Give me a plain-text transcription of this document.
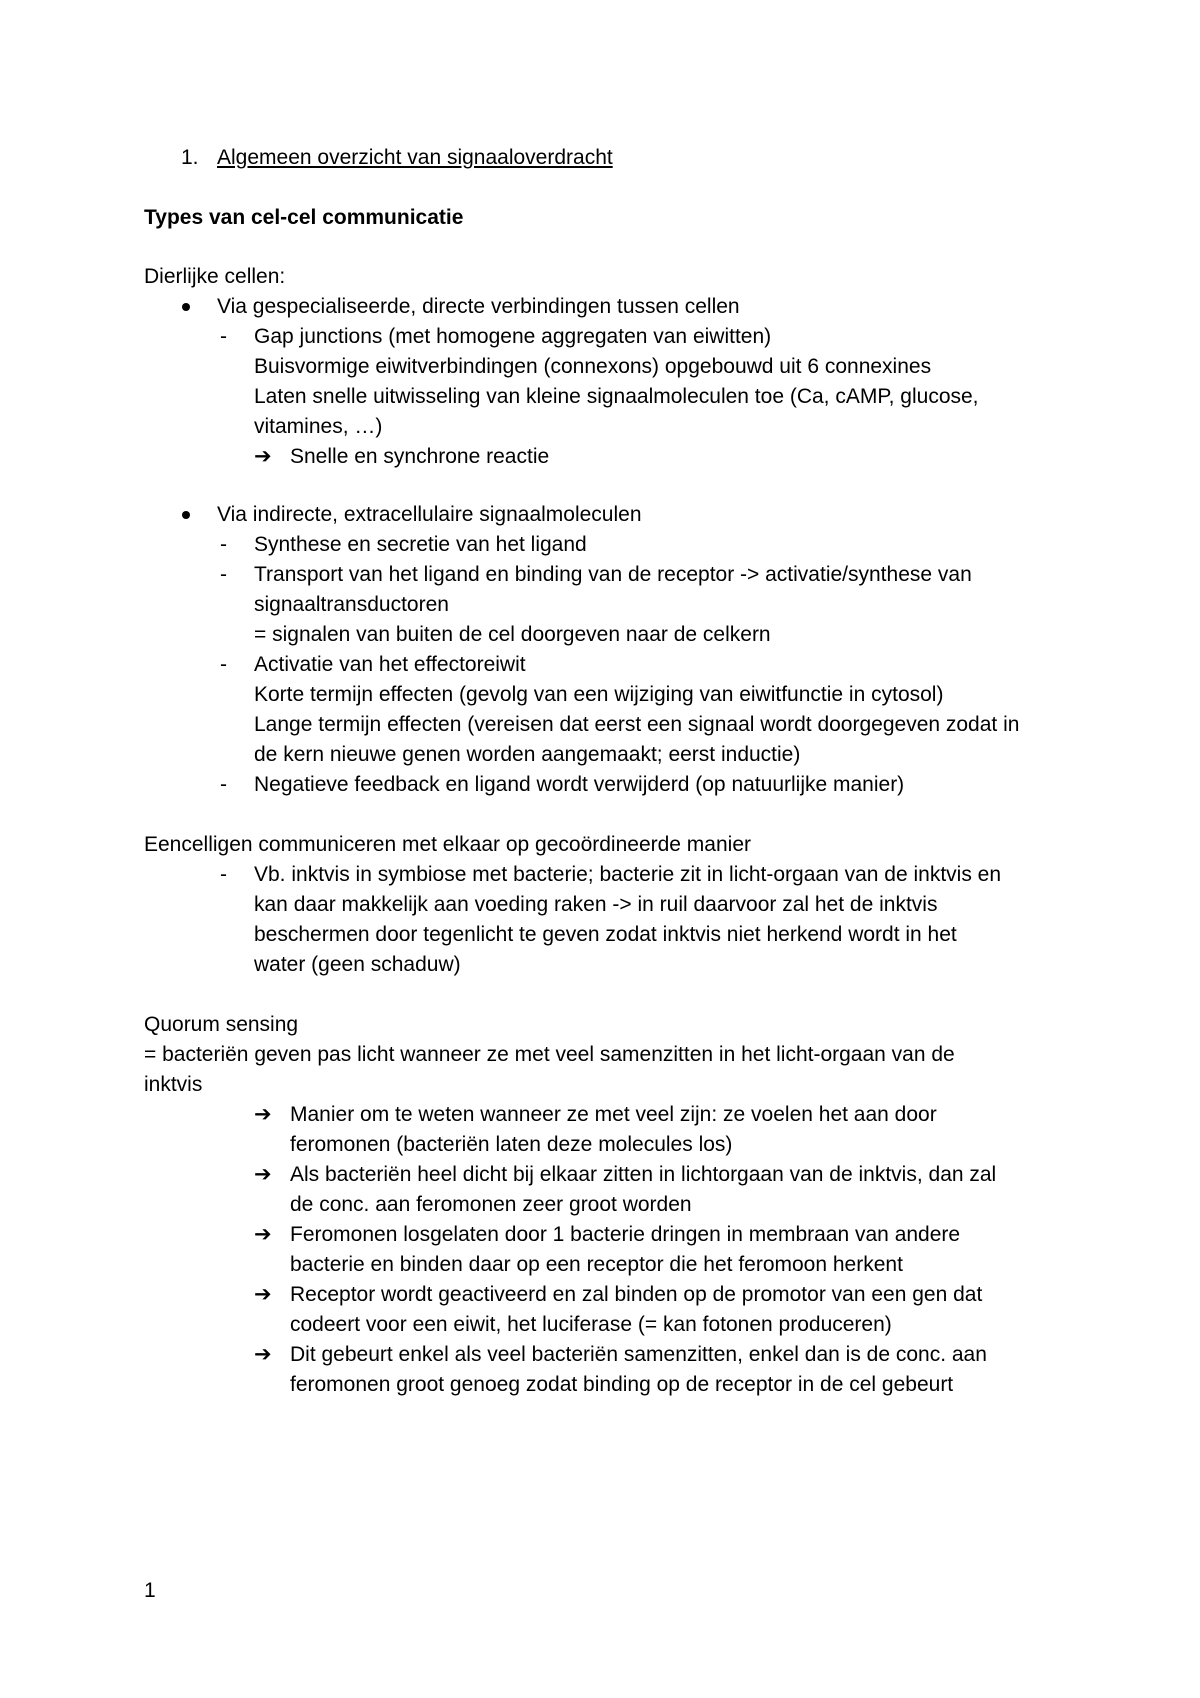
1. Algemeen overzicht van signaaloverdracht
Types van cel-cel communicatie
Dierlijke cellen:
Via gespecialiseerde, directe verbindingen tussen cellen
- Gap junctions (met homogene aggregaten van eiwitten)
Buisvormige eiwitverbindingen (connexons) opgebouwd uit 6 connexines
Laten snelle uitwisseling van kleine signaalmoleculen toe (Ca, cAMP, glucose,
vitamines, …)
➔ Snelle en synchrone reactie
Via indirecte, extracellulaire signaalmoleculen
- Synthese en secretie van het ligand
- Transport van het ligand en binding van de receptor -> activatie/synthese van
signaaltransductoren
= signalen van buiten de cel doorgeven naar de celkern
- Activatie van het effectoreiwit
Korte termijn effecten (gevolg van een wijziging van eiwitfunctie in cytosol)
Lange termijn effecten (vereisen dat eerst een signaal wordt doorgegeven zodat in
de kern nieuwe genen worden aangemaakt; eerst inductie)
- Negatieve feedback en ligand wordt verwijderd (op natuurlijke manier)
Eencelligen communiceren met elkaar op gecoördineerde manier
- Vb. inktvis in symbiose met bacterie; bacterie zit in licht-orgaan van de inktvis en
kan daar makkelijk aan voeding raken -> in ruil daarvoor zal het de inktvis
beschermen door tegenlicht te geven zodat inktvis niet herkend wordt in het
water (geen schaduw)
Quorum sensing
= bacteriën geven pas licht wanneer ze met veel samenzitten in het licht-orgaan van de
inktvis
➔ Manier om te weten wanneer ze met veel zijn: ze voelen het aan door
feromonen (bacteriën laten deze molecules los)
➔ Als bacteriën heel dicht bij elkaar zitten in lichtorgaan van de inktvis, dan zal
de conc. aan feromonen zeer groot worden
➔ Feromonen losgelaten door 1 bacterie dringen in membraan van andere
bacterie en binden daar op een receptor die het feromoon herkent
➔ Receptor wordt geactiveerd en zal binden op de promotor van een gen dat
codeert voor een eiwit, het luciferase (= kan fotonen produceren)
➔ Dit gebeurt enkel als veel bacteriën samenzitten, enkel dan is de conc. aan
feromonen groot genoeg zodat binding op de receptor in de cel gebeurt
1
